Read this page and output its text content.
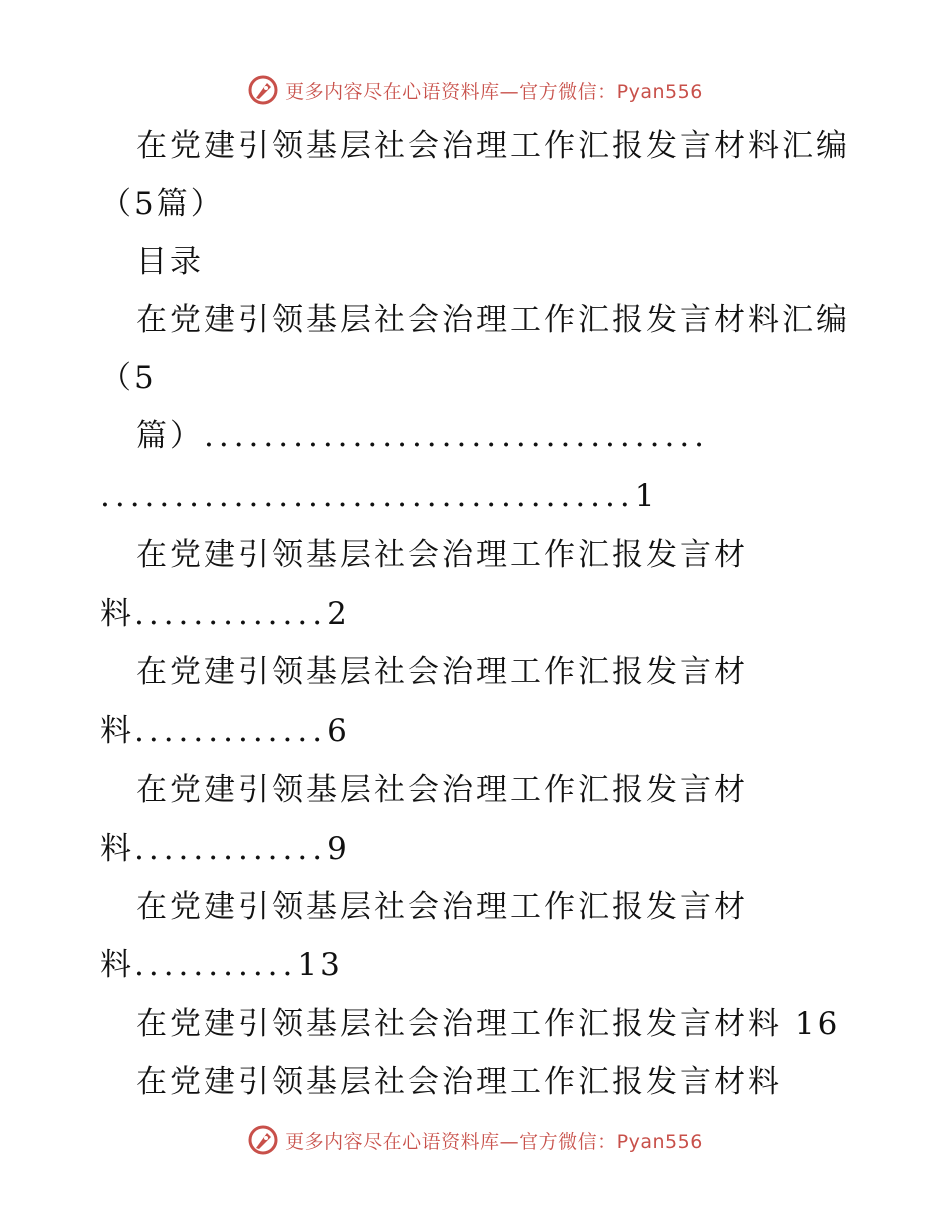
更多内容尽在心语资料库—官方微信：Pyan556
在党建引领基层社会治理工作汇报发言材料汇编
（5篇）
目录
在党建引领基层社会治理工作汇报发言材料汇编
（5
篇）..................................
....................................1
在党建引领基层社会治理工作汇报发言材
料.............2
在党建引领基层社会治理工作汇报发言材
料.............6
在党建引领基层社会治理工作汇报发言材
料.............9
在党建引领基层社会治理工作汇报发言材
料...........13
在党建引领基层社会治理工作汇报发言材料 16
在党建引领基层社会治理工作汇报发言材料
更多内容尽在心语资料库—官方微信：Pyan556
